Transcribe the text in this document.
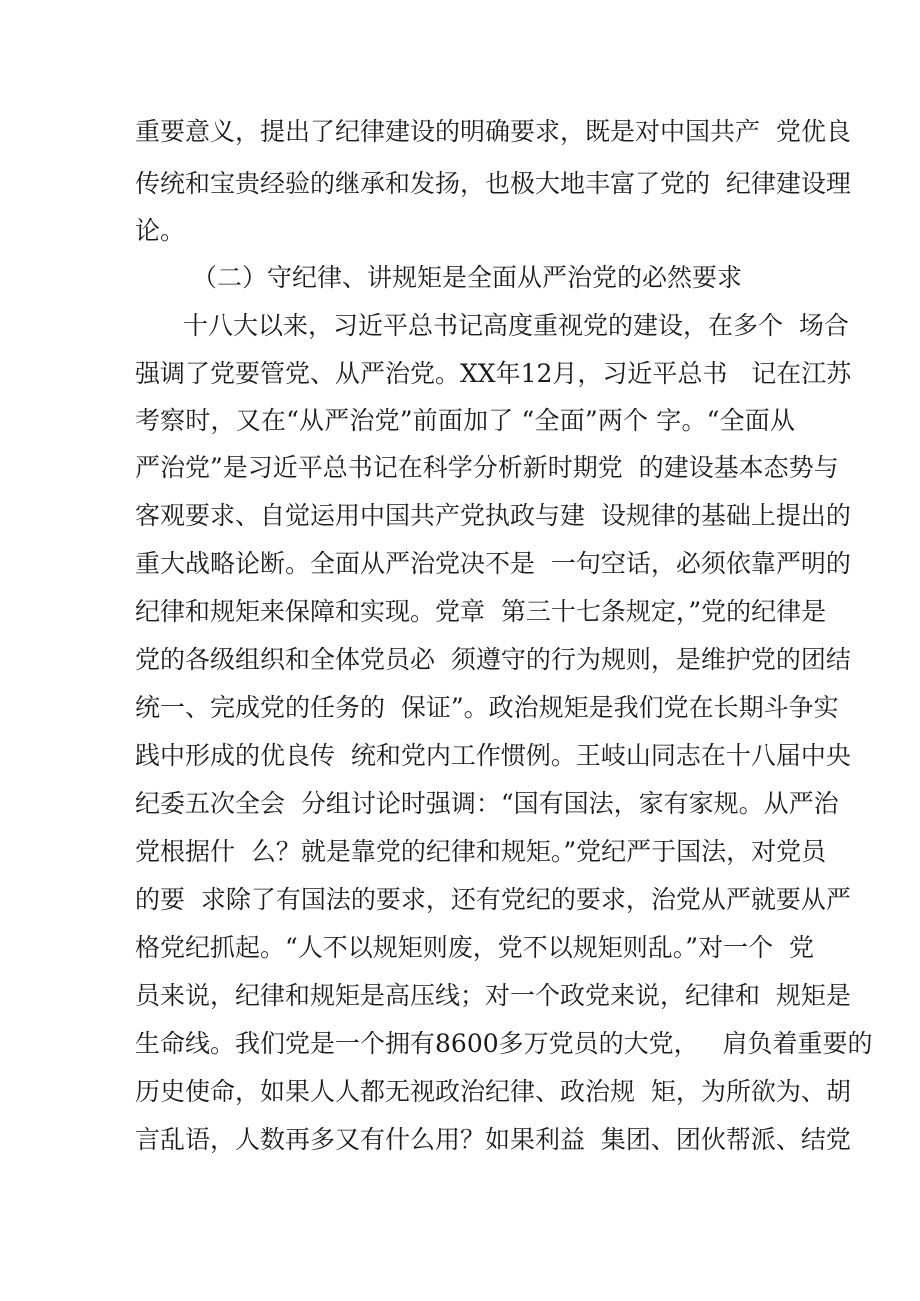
重要意义，提出了纪律建设的明确要求，既是对中国共产  党优良
传统和宝贵经验的继承和发扬，也极大地丰富了党的  纪律建设理
论。
（二）守纪律、讲规矩是全面从严治党的必然要求
十八大以来，习近平总书记高度重视党的建设，在多个  场合
强调了党要管党、从严治党。XX年12月，习近平总书   记在江苏
考察时，又在“从严治党”前面加了 “全面”两个 字。“全面从
严治党”是习近平总书记在科学分析新时期党  的建设基本态势与
客观要求、自觉运用中国共产党执政与建  设规律的基础上提出的
重大战略论断。全面从严治党决不是  一句空话，必须依靠严明的
纪律和规矩来保障和实现。党章  第三十七条规定，”党的纪律是
党的各级组织和全体党员必  须遵守的行为规则，是维护党的团结
统一、完成党的任务的  保证”。政治规矩是我们党在长期斗争实
践中形成的优良传  统和党内工作惯例。王岐山同志在十八届中央
纪委五次全会  分组讨论时强调：“国有国法，家有家规。从严治
党根据什  么？就是靠党的纪律和规矩。”党纪严于国法，对党员
的要  求除了有国法的要求，还有党纪的要求，治党从严就要从严
格党纪抓起。“人不以规矩则废，党不以规矩则乱。”对一个  党
员来说，纪律和规矩是高压线；对一个政党来说，纪律和  规矩是
生命线。我们党是一个拥有8600多万党员的大党，   肩负着重要的
历史使命，如果人人都无视政治纪律、政治规  矩，为所欲为、胡
言乱语，人数再多又有什么用？如果利益  集团、团伙帮派、结党
